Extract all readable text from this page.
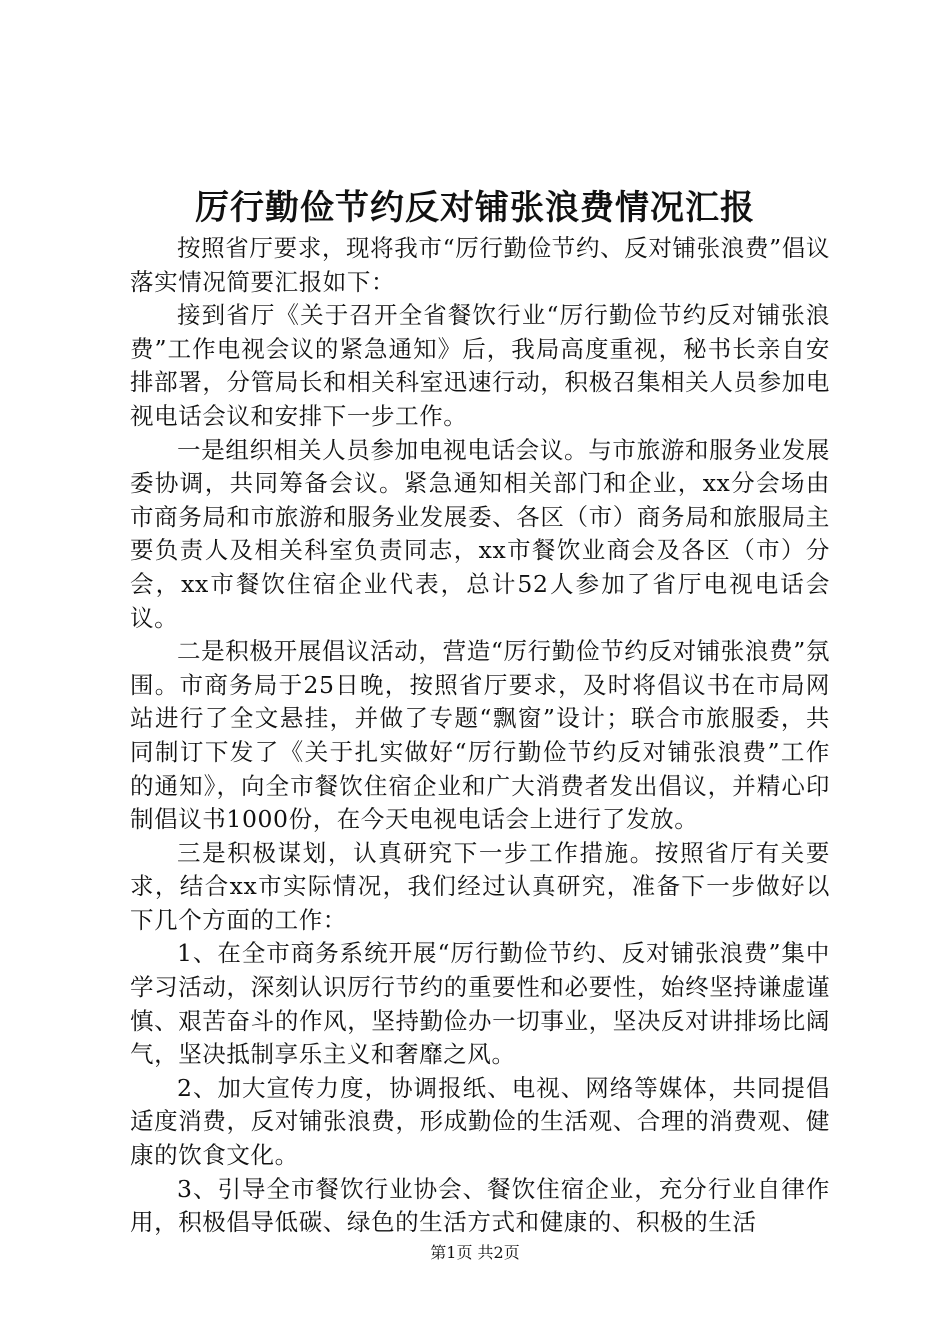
厉行勤俭节约反对铺张浪费情况汇报

按照省厅要求，现将我市“厉行勤俭节约、反对铺张浪费”倡议落实情况简要汇报如下：

接到省厅《关于召开全省餐饮行业“厉行勤俭节约反对铺张浪费”工作电视会议的紧急通知》后，我局高度重视，秘书长亲自安排部署，分管局长和相关科室迅速行动，积极召集相关人员参加电视电话会议和安排下一步工作。

一是组织相关人员参加电视电话会议。与市旅游和服务业发展委协调，共同筹备会议。紧急通知相关部门和企业，xx分会场由市商务局和市旅游和服务业发展委、各区（市）商务局和旅服局主要负责人及相关科室负责同志，xx市餐饮业商会及各区（市）分会，xx市餐饮住宿企业代表，总计52人参加了省厅电视电话会议。

二是积极开展倡议活动，营造“厉行勤俭节约反对铺张浪费”氛围。市商务局于25日晚，按照省厅要求，及时将倡议书在市局网站进行了全文悬挂，并做了专题“飘窗”设计；联合市旅服委，共同制订下发了《关于扎实做好“厉行勤俭节约反对铺张浪费”工作的通知》，向全市餐饮住宿企业和广大消费者发出倡议，并精心印制倡议书1000份，在今天电视电话会上进行了发放。

三是积极谋划，认真研究下一步工作措施。按照省厅有关要求，结合xx市实际情况，我们经过认真研究，准备下一步做好以下几个方面的工作：

1、在全市商务系统开展“厉行勤俭节约、反对铺张浪费”集中学习活动，深刻认识厉行节约的重要性和必要性，始终坚持谦虚谨慎、艰苦奋斗的作风，坚持勤俭办一切事业，坚决反对讲排场比阔气，坚决抵制享乐主义和奢靡之风。

2、加大宣传力度，协调报纸、电视、网络等媒体，共同提倡适度消费，反对铺张浪费，形成勤俭的生活观、合理的消费观、健康的饮食文化。

3、引导全市餐饮行业协会、餐饮住宿企业，充分行业自律作用，积极倡导低碳、绿色的生活方式和健康的、积极的生活

第1页 共2页
